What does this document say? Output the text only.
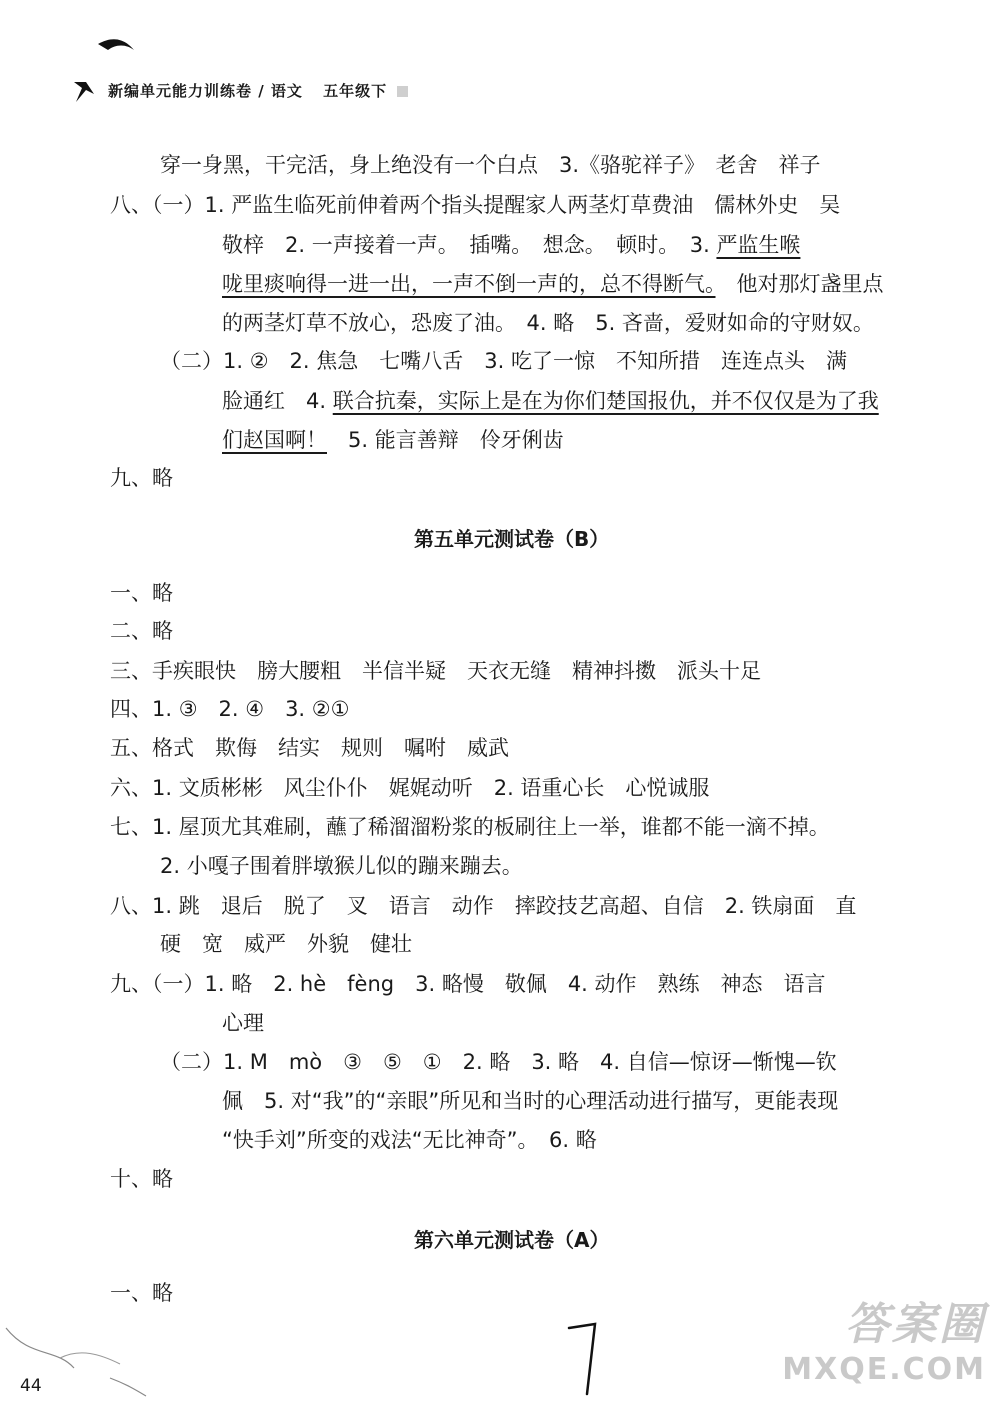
新编单元能力训练卷 / 语文 五年级下
穿一身黑，干完活，身上绝没有一个白点　3.《骆驼祥子》　老舍　祥子
八、（一）1. 严监生临死前伸着两个指头提醒家人两茎灯草费油　儒林外史　吴
敬梓　2. 一声接着一声。　插嘴。　想念。　顿时。　3. 严监生喉
咙里痰响得一进一出，一声不倒一声的，总不得断气。　 他对那灯盏里点
的两茎灯草不放心，恐废了油。　4. 略　5. 吝啬，爱财如命的守财奴。
（二）1. ②　2. 焦急　七嘴八舌　3. 吃了一惊　不知所措　连连点头　满
脸通红　4. 联合抗秦，实际上是在为你们楚国报仇，并不仅仅是为了我
们赵国啊！　 5. 能言善辩　伶牙俐齿
九、略
第五单元测试卷（B）
一、略
二、略
三、手疾眼快　膀大腰粗　半信半疑　天衣无缝　精神抖擞　派头十足
四、1. ③　2. ④　3. ②①
五、格式　欺侮　结实　规则　嘱咐　威武
六、1. 文质彬彬　风尘仆仆　娓娓动听　2. 语重心长　心悦诚服
七、1. 屋顶尤其难刷，蘸了稀溜溜粉浆的板刷往上一举，谁都不能一滴不掉。
2. 小嘎子围着胖墩猴儿似的蹦来蹦去。
八、1. 跳　退后　脱了　叉　语言　动作　摔跤技艺高超、自信　2. 铁扇面　直
硬　宽　威严　外貌　健壮
九、（一）1. 略　2. hè　fèng　3. 略慢　敬佩　4. 动作　熟练　神态　语言
心理
（二）1. M　mò　③　⑤　①　2. 略　3. 略　4. 自信—惊讶—惭愧—钦
佩　5. 对“我”的“亲眼”所见和当时的心理活动进行描写，更能表现
“快手刘”所变的戏法“无比神奇”。　6. 略
十、略
第六单元测试卷（A）
一、略
44
答案圈
MXQE.COM
